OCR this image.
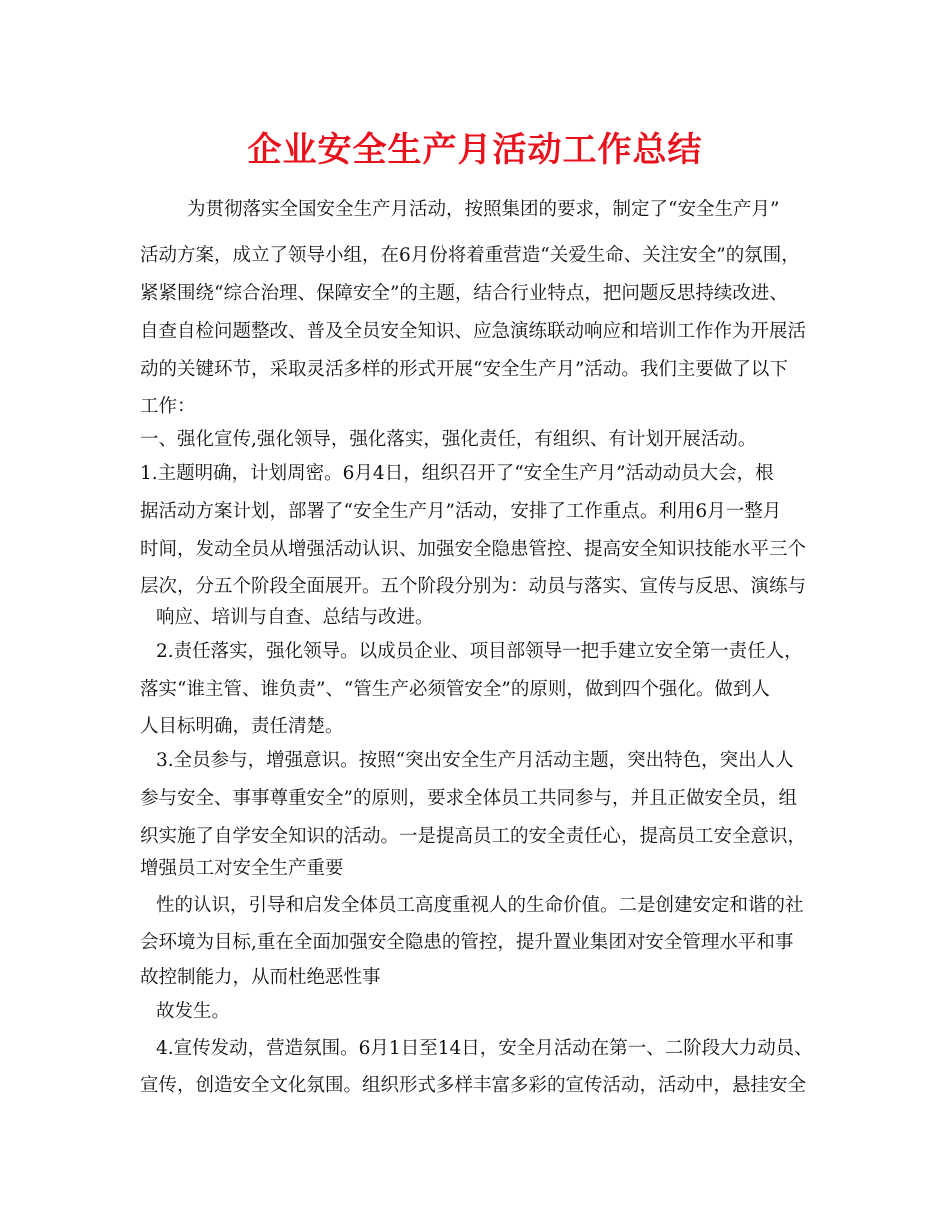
企业安全生产月活动工作总结

为贯彻落实全国安全生产月活动，按照集团的要求，制定了“安全生产月”

活动方案，成立了领导小组，在6月份将着重营造“关爱生命、关注安全”的氛围，

紧紧围绕“综合治理、保障安全”的主题，结合行业特点，把问题反思持续改进、

自查自检问题整改、普及全员安全知识、应急演练联动响应和培训工作作为开展活

动的关键环节，采取灵活多样的形式开展“安全生产月”活动。我们主要做了以下

工作：

一、强化宣传,强化领导，强化落实，强化责任，有组织、有计划开展活动。

1.主题明确，计划周密。6月4日，组织召开了“安全生产月”活动动员大会，根

据活动方案计划，部署了“安全生产月”活动，安排了工作重点。利用6月一整月

时间，发动全员从增强活动认识、加强安全隐患管控、提高安全知识技能水平三个

层次，分五个阶段全面展开。五个阶段分别为：动员与落实、宣传与反思、演练与

响应、培训与自查、总结与改进。

2.责任落实，强化领导。以成员企业、项目部领导一把手建立安全第一责任人，

落实“谁主管、谁负责”、“管生产必须管安全”的原则，做到四个强化。做到人

人目标明确，责任清楚。

3.全员参与，增强意识。按照“突出安全生产月活动主题，突出特色，突出人人

参与安全、事事尊重安全”的原则，要求全体员工共同参与，并且正做安全员，组

织实施了自学安全知识的活动。一是提高员工的安全责任心，提高员工安全意识，

增强员工对安全生产重要

性的认识，引导和启发全体员工高度重视人的生命价值。二是创建安定和谐的社

会环境为目标,重在全面加强安全隐患的管控，提升置业集团对安全管理水平和事

故控制能力，从而杜绝恶性事

故发生。

4.宣传发动，营造氛围。6月1日至14日，安全月活动在第一、二阶段大力动员、

宣传，创造安全文化氛围。组织形式多样丰富多彩的宣传活动，活动中，悬挂安全
